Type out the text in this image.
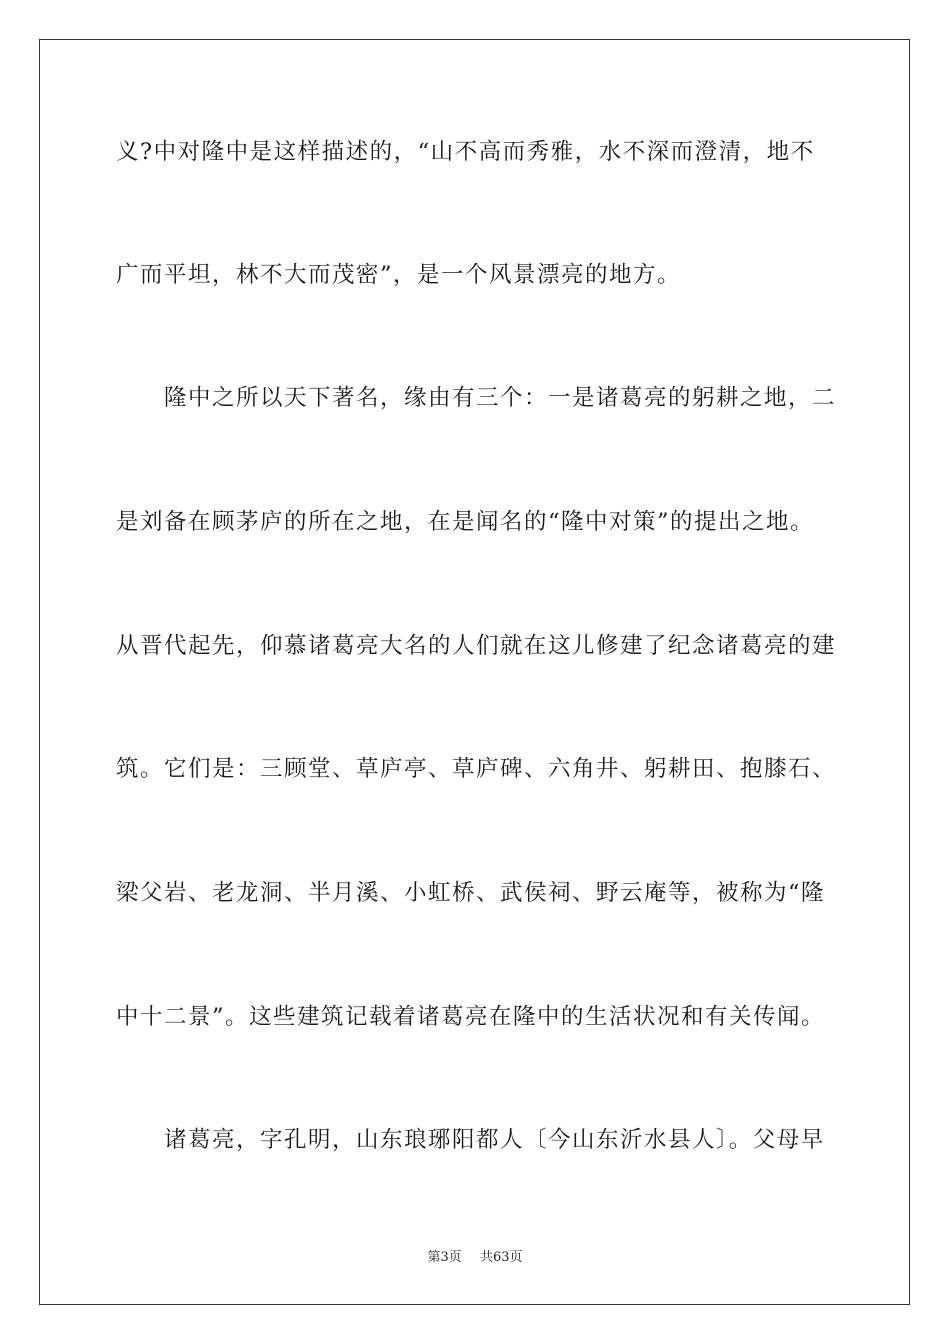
义?中对隆中是这样描述的，“山不高而秀雅，水不深而澄清，地不
广而平坦，林不大而茂密”，是一个风景漂亮的地方。
　　隆中之所以天下著名，缘由有三个：一是诸葛亮的躬耕之地，二
是刘备在顾茅庐的所在之地，在是闻名的“隆中对策”的提出之地。
从晋代起先，仰慕诸葛亮大名的人们就在这儿修建了纪念诸葛亮的建
筑。它们是：三顾堂、草庐亭、草庐碑、六角井、躬耕田、抱膝石、
梁父岩、老龙洞、半月溪、小虹桥、武侯祠、野云庵等，被称为“隆
中十二景”。这些建筑记载着诸葛亮在隆中的生活状况和有关传闻。
　　诸葛亮，字孔明，山东琅琊阳都人〔今山东沂水县人〕。父母早
第3页 共63页
